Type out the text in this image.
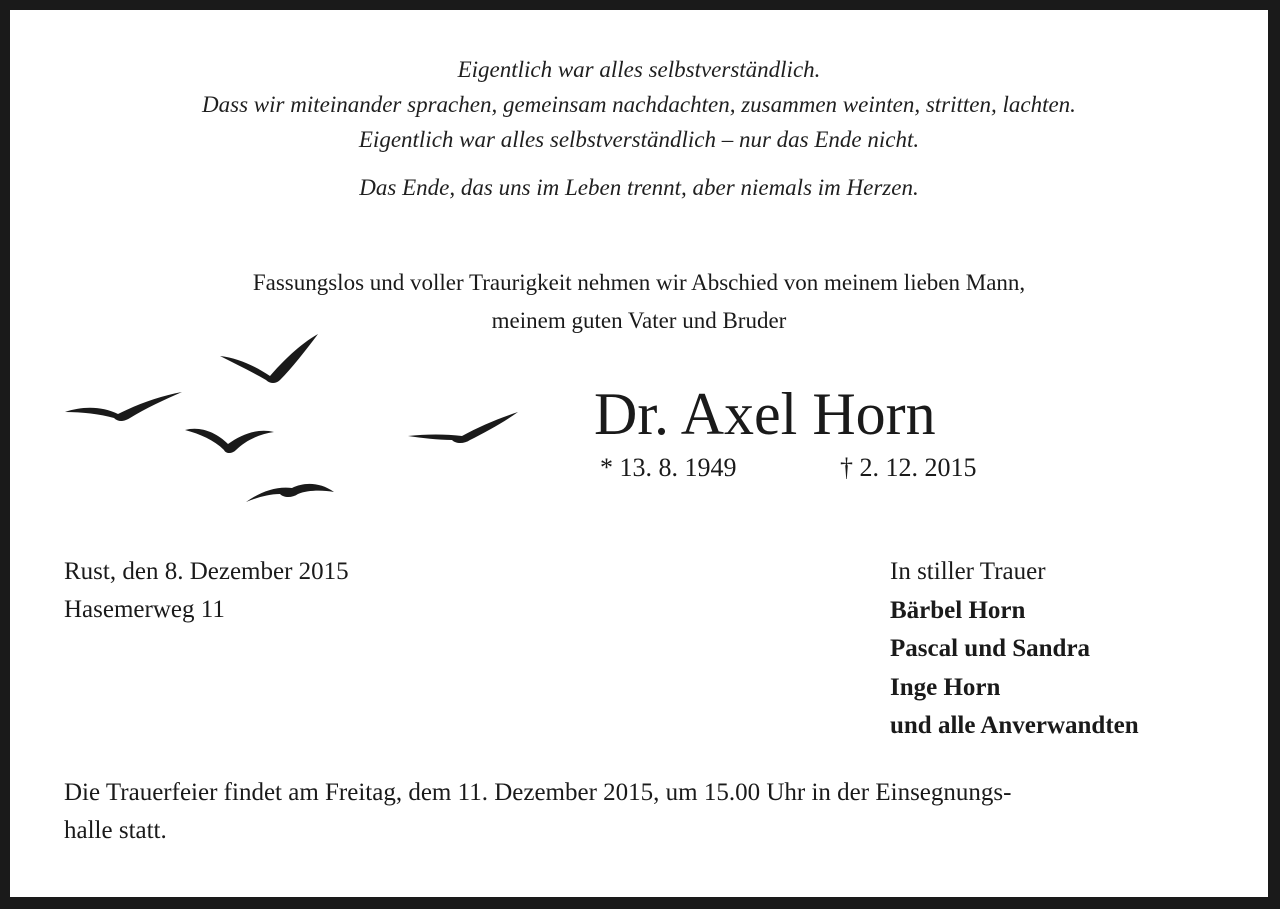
Eigentlich war alles selbstverständlich.

Dass wir miteinander sprachen, gemeinsam nachdachten, zusammen weinten, stritten, lachten.

Eigentlich war alles selbstverständlich – nur das Ende nicht.

Das Ende, das uns im Leben trennt, aber niemals im Herzen.

Fassungslos und voller Traurigkeit nehmen wir Abschied von meinem lieben Mann,

meinem guten Vater und Bruder

Dr. Axel Horn
* 13. 8. 1949	† 2. 12. 2015
Rust, den 8. Dezember 2015
Hasemerweg 11
In stiller Trauer
Bärbel Horn
Pascal und Sandra
Inge Horn
und alle Anverwandten
Die Trauerfeier findet am Freitag, dem 11. Dezember 2015, um 15.00 Uhr in der Einsegnungs-
halle statt.
